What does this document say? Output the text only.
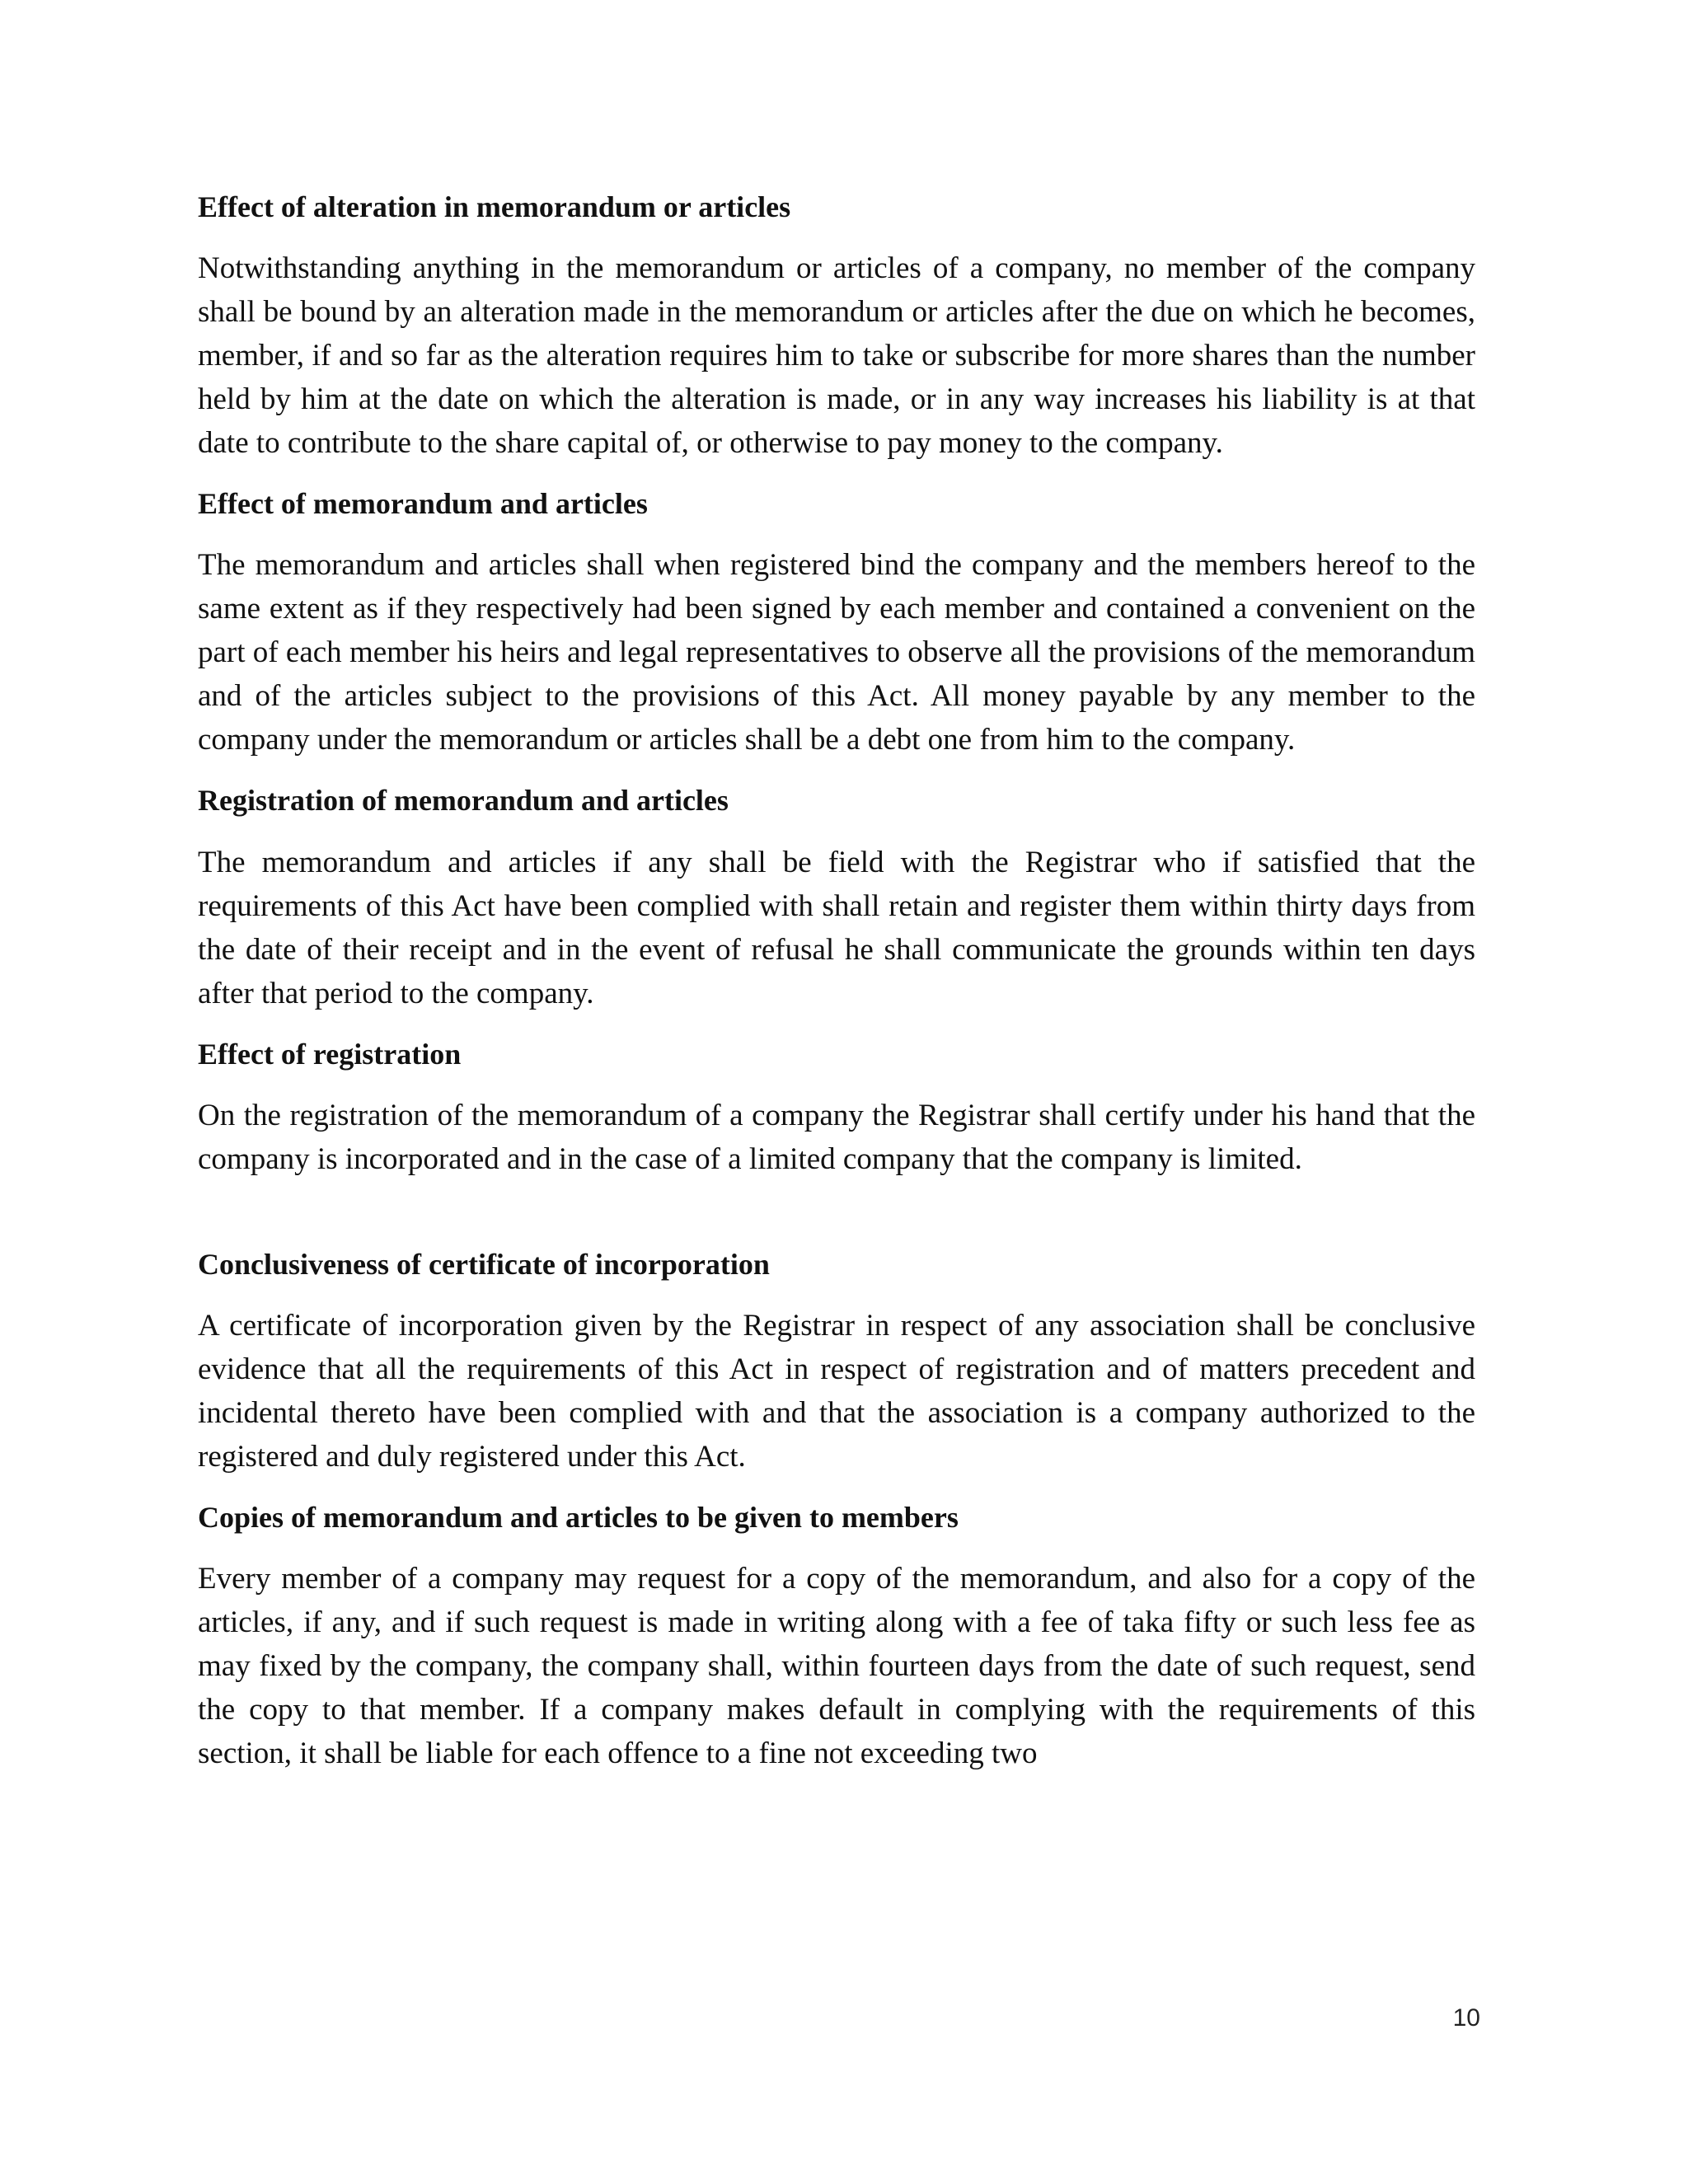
Effect of alteration in memorandum or articles

Notwithstanding anything in the memorandum or articles of a company, no member of the company shall be bound by an alteration made in the memorandum or articles after the due on which he becomes, member, if and so far as the alteration requires him to take or subscribe for more shares than the number held by him at the date on which the alteration is made, or in any way increases his liability is at that date to contribute to the share capital of, or otherwise to pay money to the company.

Effect of memorandum and articles

The memorandum and articles shall when registered bind the company and the members hereof to the same extent as if they respectively had been signed by each member and contained a convenient on the part of each member his heirs and legal representatives to observe all the provisions of the memorandum and of the articles subject to the provisions of this Act. All money payable by any member to the company under the memorandum or articles shall be a debt one from him to the company.

Registration of memorandum and articles

The memorandum and articles if any shall be field with the Registrar who if satisfied that the requirements of this Act have been complied with shall retain and register them within thirty days from the date of their receipt and in the event of refusal he shall communicate the grounds within ten days after that period to the company.

Effect of registration

On the registration of the memorandum of a company the Registrar shall certify under his hand that the company is incorporated and in the case of a limited company that the company is limited.

Conclusiveness of certificate of incorporation

A certificate of incorporation given by the Registrar in respect of any association shall be conclusive evidence that all the requirements of this Act in respect of registration and of matters precedent and incidental thereto have been complied with and that the association is a company authorized to the registered and duly registered under this Act.

Copies of memorandum and articles to be given to members

Every member of a company may request for a copy of the memorandum, and also for a copy of the articles, if any, and if such request is made in writing along with a fee of taka fifty or such less fee as may fixed by the company, the company shall, within fourteen days from the date of such request, send the copy to that member. If a company makes default in complying with the requirements of this section, it shall be liable for each offence to a fine not exceeding two

10
